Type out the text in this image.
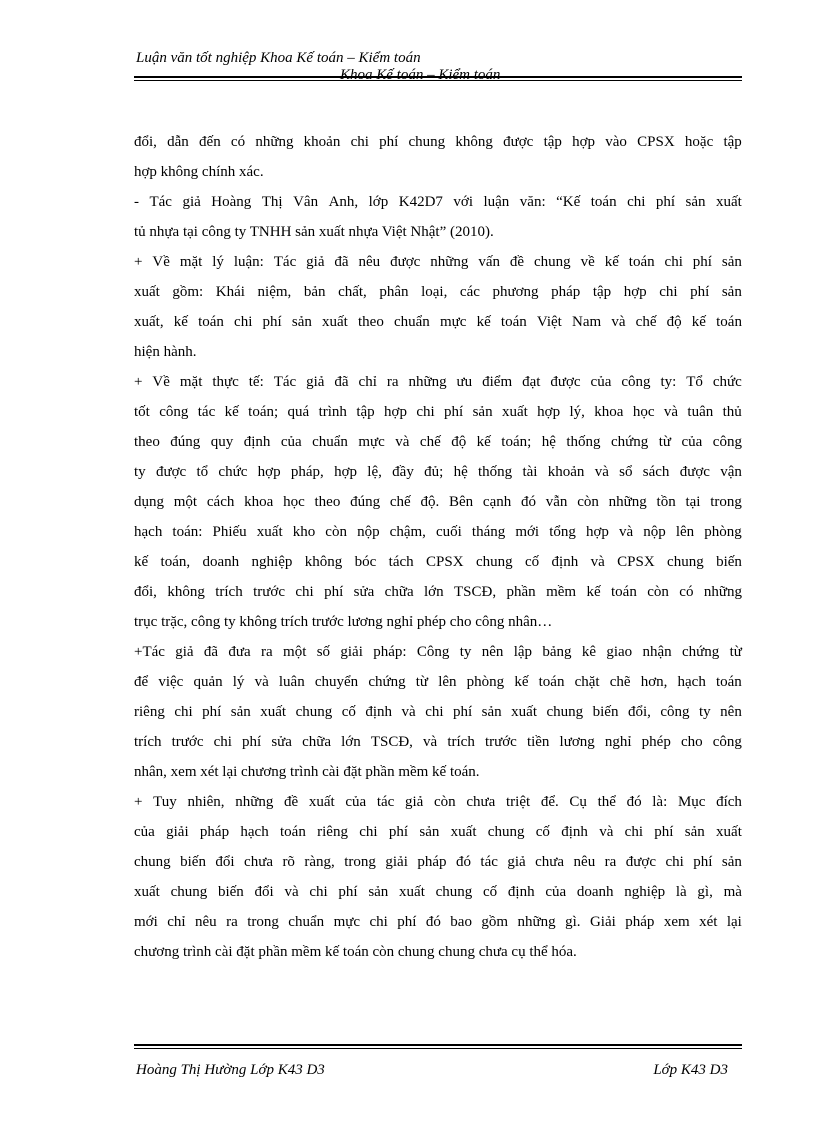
Luận văn tốt nghiệp Khoa Kế toán – Kiểm toán
Khoa Kế toán – Kiểm toán
đổi, dẫn đến có những khoản chi phí chung không được tập hợp vào CPSX hoặc tập
hợp không chính xác.
- Tác giả Hoàng Thị Vân Anh, lớp K42D7 với luận văn: “Kế toán chi phí sản xuất
tủ nhựa tại công ty TNHH sản xuất nhựa Việt Nhật” (2010).
+ Về mặt lý luận: Tác giả đã nêu được những vấn đề chung về kế toán chi phí sản
xuất gồm: Khái niệm, bản chất, phân loại, các phương pháp tập hợp chi phí sản
xuất, kế toán chi phí sản xuất theo chuẩn mực kế toán Việt Nam và chế độ kế toán
hiện hành.
+ Về mặt thực tế: Tác giả đã chỉ ra những ưu điểm đạt được của công ty: Tổ chức
tốt công tác kế toán; quá trình tập hợp chi phí sản xuất hợp lý, khoa học và tuân thủ
theo đúng quy định của chuẩn mực và chế độ kế toán; hệ thống chứng từ của công
ty được tổ chức hợp pháp, hợp lệ, đầy đủ; hệ thống tài khoản và sổ sách được vận
dụng một cách khoa học theo đúng chế độ. Bên cạnh đó vẫn còn những tồn tại trong
hạch toán: Phiếu xuất kho còn nộp chậm, cuối tháng mới tổng hợp và nộp lên phòng
kế toán, doanh nghiệp không bóc tách CPSX chung cố định và CPSX chung biến
đổi, không trích trước chi phí sửa chữa lớn TSCĐ, phần mềm kế toán còn có những
trục trặc, công ty không trích trước lương nghỉ phép cho công nhân…
+Tác giả đã đưa ra một số giải pháp: Công ty nên lập bảng kê giao nhận chứng từ
để việc quản lý và luân chuyển chứng từ lên phòng kế toán chặt chẽ hơn, hạch toán
riêng chi phí sản xuất chung cố định và chi phí sản xuất chung biến đổi, công ty nên
trích trước chi phí sửa chữa lớn TSCĐ, và trích trước tiền lương nghỉ phép cho công
nhân, xem xét lại chương trình cài đặt phần mềm kế toán.
+ Tuy nhiên, những đề xuất của tác giả còn chưa triệt để. Cụ thể đó là: Mục đích
của giải pháp hạch toán riêng chi phí sản xuất chung cố định và chi phí sản xuất
chung biến đổi chưa rõ ràng, trong giải pháp đó tác giả chưa nêu ra được chi phí sản
xuất chung biến đổi và chi phí sản xuất chung cố định của doanh nghiệp là gì, mà
mới chỉ nêu ra trong chuẩn mực chi phí đó bao gồm những gì. Giải pháp xem xét lại
chương trình cài đặt phần mềm kế toán còn chung chung chưa cụ thể hóa.
Hoàng Thị Hường Lớp K43 D3	Lớp K43 D3
